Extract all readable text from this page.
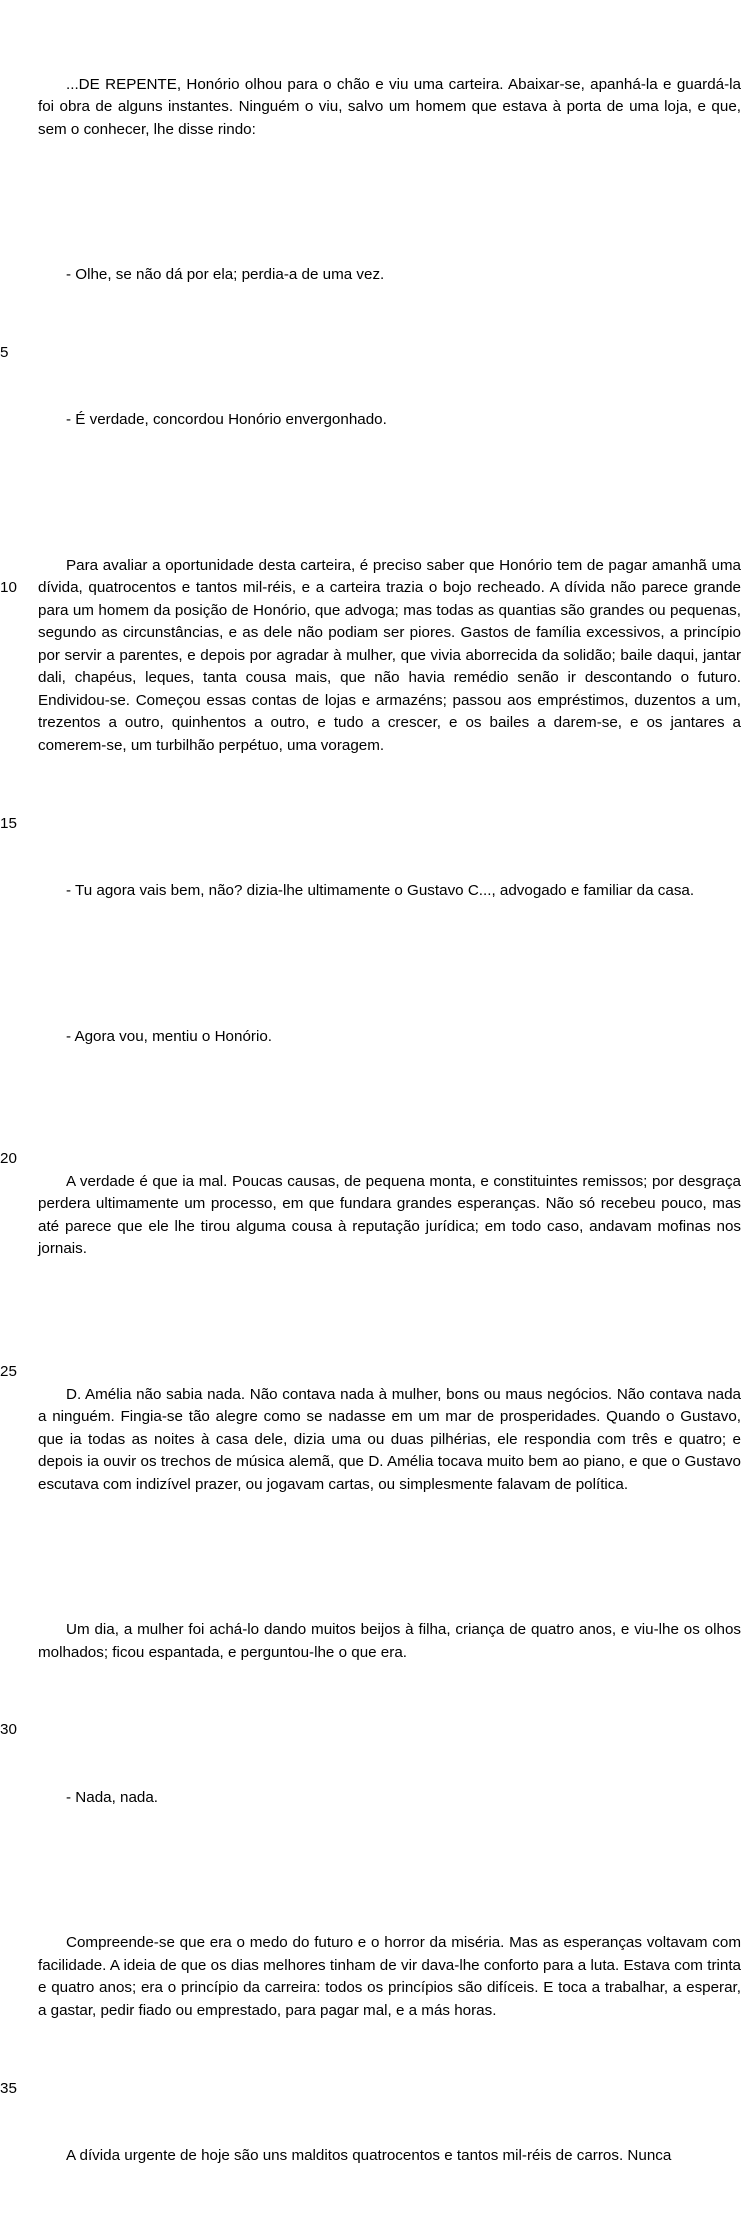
...DE REPENTE, Honório olhou para o chão e viu uma carteira. Abaixar-se, apanhá-la e guardá-la foi obra de alguns instantes. Ninguém o viu, salvo um homem que estava à porta de uma loja, e que, sem o conhecer, lhe disse rindo:

- Olhe, se não dá por ela; perdia-a de uma vez.

5

- É verdade, concordou Honório envergonhado.

10

Para avaliar a oportunidade desta carteira, é preciso saber que Honório tem de pagar amanhã uma dívida, quatrocentos e tantos mil-réis, e a carteira trazia o bojo recheado. A dívida não parece grande para um homem da posição de Honório, que advoga; mas todas as quantias são grandes ou pequenas, segundo as circunstâncias, e as dele não podiam ser piores. Gastos de família excessivos, a princípio por servir a parentes, e depois por agradar à mulher, que vivia aborrecida da solidão; baile daqui, jantar dali, chapéus, leques, tanta cousa mais, que não havia remédio senão ir descontando o futuro. Endividou-se. Começou essas contas de lojas e armazéns; passou aos empréstimos, duzentos a um, trezentos a outro, quinhentos a outro, e tudo a crescer, e os bailes a darem-se, e os jantares a comerem-se, um turbilhão perpétuo, uma voragem.

15

- Tu agora vais bem, não? dizia-lhe ultimamente o Gustavo C..., advogado e familiar da casa.

- Agora vou, mentiu o Honório.

20

A verdade é que ia mal. Poucas causas, de pequena monta, e constituintes remissos; por desgraça perdera ultimamente um processo, em que fundara grandes esperanças. Não só recebeu pouco, mas até parece que ele lhe tirou alguma cousa à reputação jurídica; em todo caso, andavam mofinas nos jornais.

25

D. Amélia não sabia nada. Não contava nada à mulher, bons ou maus negócios. Não contava nada a ninguém. Fingia-se tão alegre como se nadasse em um mar de prosperidades. Quando o Gustavo, que ia todas as noites à casa dele, dizia uma ou duas pilhérias, ele respondia com três e quatro; e depois ia ouvir os trechos de música alemã, que D. Amélia tocava muito bem ao piano, e que o Gustavo escutava com indizível prazer, ou jogavam cartas, ou simplesmente falavam de política.

Um dia, a mulher foi achá-lo dando muitos beijos à filha, criança de quatro anos, e viu-lhe os olhos molhados; ficou espantada, e perguntou-lhe o que era.

30

- Nada, nada.

Compreende-se que era o medo do futuro e o horror da miséria. Mas as esperanças voltavam com facilidade. A ideia de que os dias melhores tinham de vir dava-lhe conforto para a luta. Estava com trinta e quatro anos; era o princípio da carreira: todos os princípios são difíceis. E toca a trabalhar, a esperar, a gastar, pedir fiado ou emprestado, para pagar mal, e a más horas.

35

A dívida urgente de hoje são uns malditos quatrocentos e tantos mil-réis de carros. Nunca
